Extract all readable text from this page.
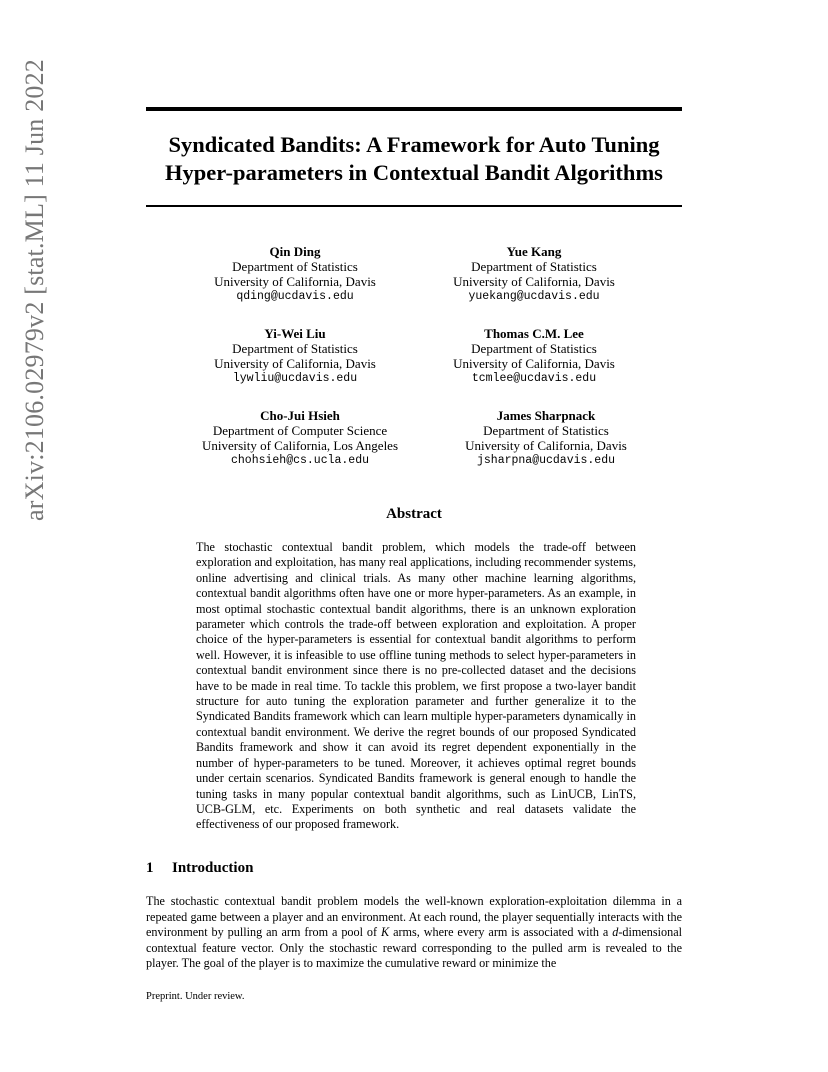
arXiv:2106.02979v2 [stat.ML] 11 Jun 2022	Syndicated Bandits: A Framework for Auto Tuning Hyper-parameters in Contextual Bandit Algorithms
Qin Ding
Department of Statistics
University of California, Davis
qding@ucdavis.edu
Yue Kang
Department of Statistics
University of California, Davis
yuekang@ucdavis.edu
Yi-Wei Liu
Department of Statistics
University of California, Davis
lywliu@ucdavis.edu
Thomas C.M. Lee
Department of Statistics
University of California, Davis
tcmlee@ucdavis.edu
Cho-Jui Hsieh
Department of Computer Science
University of California, Los Angeles
chohsieh@cs.ucla.edu
James Sharpnack
Department of Statistics
University of California, Davis
jsharpna@ucdavis.edu
Abstract

The stochastic contextual bandit problem, which models the trade-off between exploration and exploitation, has many real applications, including recommender systems, online advertising and clinical trials. As many other machine learning algorithms, contextual bandit algorithms often have one or more hyper-parameters. As an example, in most optimal stochastic contextual bandit algorithms, there is an unknown exploration parameter which controls the trade-off between exploration and exploitation. A proper choice of the hyper-parameters is essential for contextual bandit algorithms to perform well. However, it is infeasible to use offline tuning methods to select hyper-parameters in contextual bandit environment since there is no pre-collected dataset and the decisions have to be made in real time. To tackle this problem, we first propose a two-layer bandit structure for auto tuning the exploration parameter and further generalize it to the Syndicated Bandits framework which can learn multiple hyper-parameters dynamically in contextual bandit environment. We derive the regret bounds of our proposed Syndicated Bandits framework and show it can avoid its regret dependent exponentially in the number of hyper-parameters to be tuned. Moreover, it achieves optimal regret bounds under certain scenarios. Syndicated Bandits framework is general enough to handle the tuning tasks in many popular contextual bandit algorithms, such as LinUCB, LinTS, UCB-GLM, etc. Experiments on both synthetic and real datasets validate the effectiveness of our proposed framework.

1 Introduction

The stochastic contextual bandit problem models the well-known exploration-exploitation dilemma in a repeated game between a player and an environment. At each round, the player sequentially interacts with the environment by pulling an arm from a pool of K arms, where every arm is associated with a d-dimensional contextual feature vector. Only the stochastic reward corresponding to the pulled arm is revealed to the player. The goal of the player is to maximize the cumulative reward or minimize the

Preprint. Under review.
